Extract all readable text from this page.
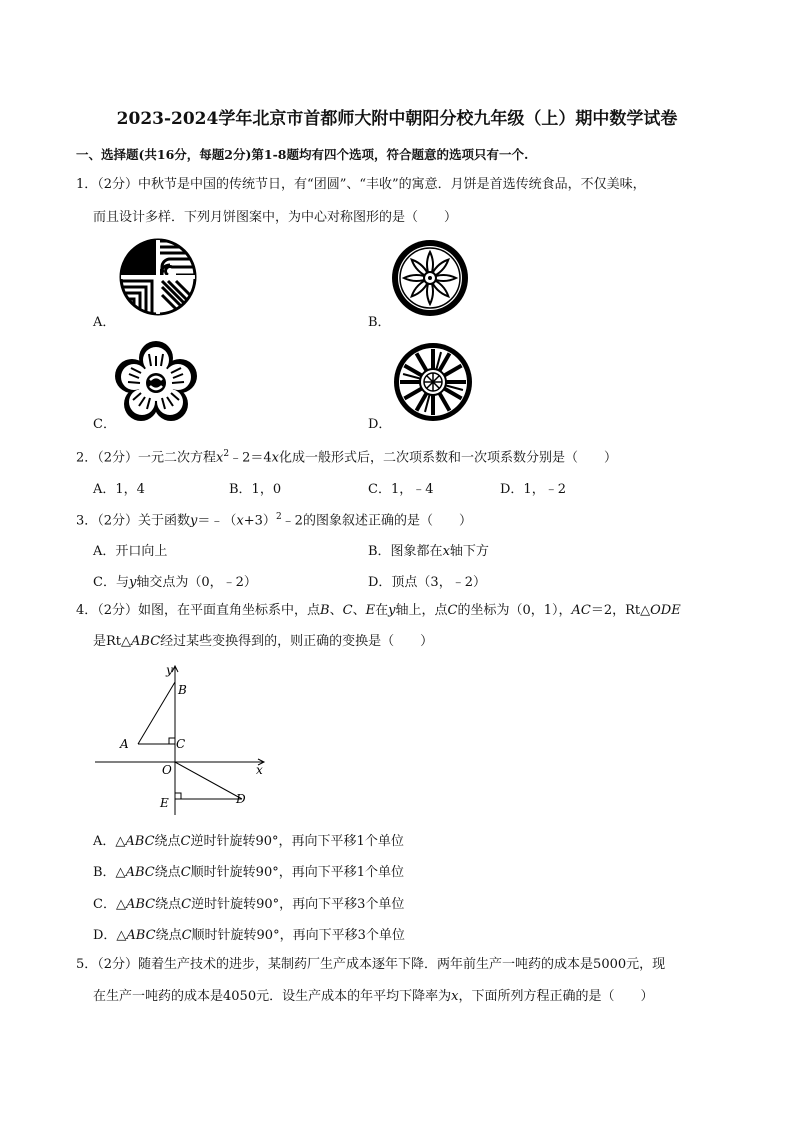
2023-2024学年北京市首都师大附中朝阳分校九年级（上）期中数学试卷
一、选择题(共16分，每题2分)第1-8题均有四个选项，符合题意的选项只有一个.
1．（2分）中秋节是中国的传统节日，有“团圆”、“丰收”的寓意．月饼是首选传统食品，不仅美味，
而且设计多样．下列月饼图案中，为中心对称图形的是（　　）
A．	B．
C．	D．
2．（2分）一元二次方程$x^2﹣2=4x$化成一般形式后，二次项系数和一次项系数分别是（　　）
A．1，4	B．1，0	C．1，﹣4	D．1，﹣2
3．（2分）关于函数$y=﹣(x+3)^2﹣2$的图象叙述正确的是（　　）
A．开口向上	B．图象都在x轴下方
C．与y轴交点为（0，﹣2）	D．顶点（3，﹣2）
4．（2分）如图，在平面直角坐标系中，点B、C、E在y轴上，点C的坐标为（0，1），AC＝2，Rt△ODE
是Rt△ABC经过某些变换得到的，则正确的变换是（　　）
y
x
B
A	C
O
E	D
A．△ABC绕点C逆时针旋转90°，再向下平移1个单位
B．△ABC绕点C顺时针旋转90°，再向下平移1个单位
C．△ABC绕点C逆时针旋转90°，再向下平移3个单位
D．△ABC绕点C顺时针旋转90°，再向下平移3个单位
5．（2分）随着生产技术的进步，某制药厂生产成本逐年下降．两年前生产一吨药的成本是5000元，现
在生产一吨药的成本是4050元．设生产成本的年平均下降率为x，下面所列方程正确的是（　　）
